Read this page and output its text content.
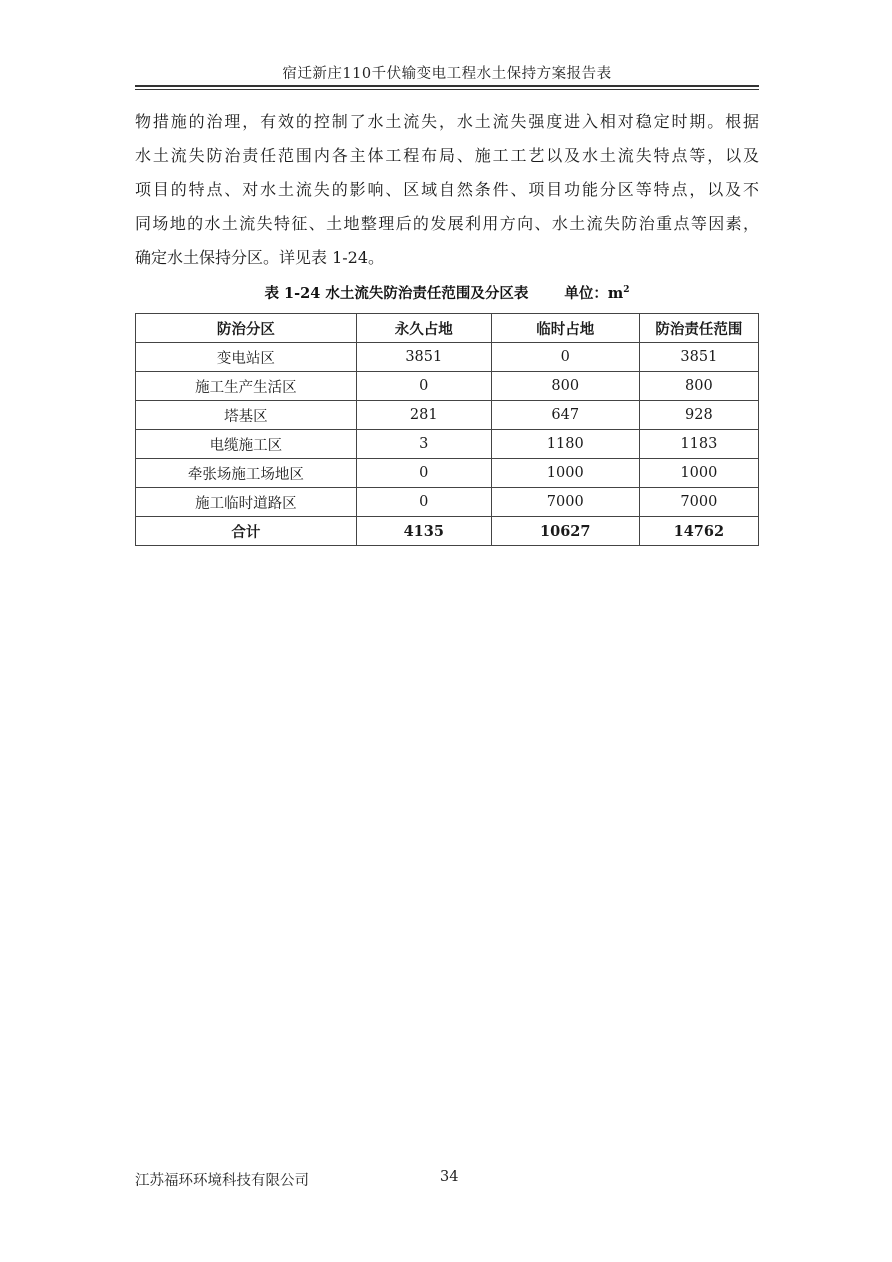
宿迁新庄110千伏输变电工程水土保持方案报告表
物措施的治理，有效的控制了水土流失，水土流失强度进入相对稳定时期。根据
水土流失防治责任范围内各主体工程布局、施工工艺以及水土流失特点等，以及
项目的特点、对水土流失的影响、区域自然条件、项目功能分区等特点，以及不
同场地的水土流失特征、土地整理后的发展利用方向、水土流失防治重点等因素，
确定水土保持分区。详见表 1-24。
表 1-24 水土流失防治责任范围及分区表 单位：$m^2$
防治分区	永久占地	临时占地	防治责任范围
变电站区	3851	0	3851
施工生产生活区	0	800	800
塔基区	281	647	928
电缆施工区	3	1180	1183
牵张场施工场地区	0	1000	1000
施工临时道路区	0	7000	7000
合计	4135	10627	14762
江苏福环环境科技有限公司	34
